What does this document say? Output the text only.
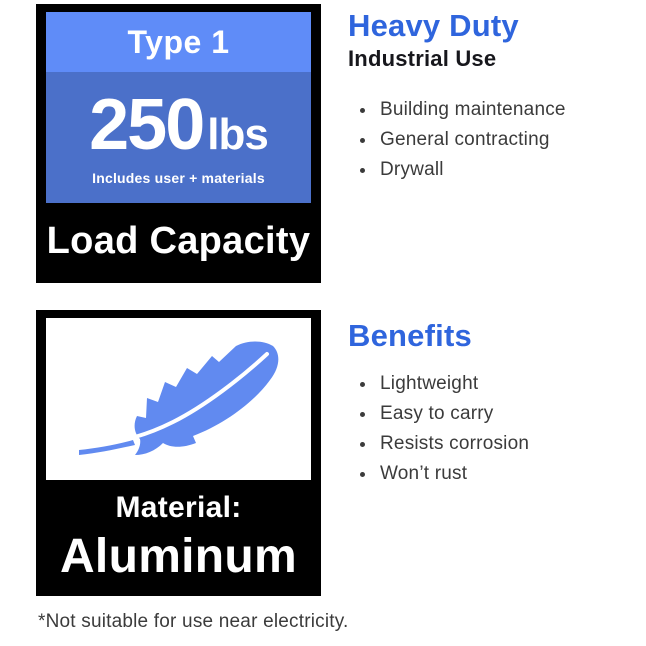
Type 1
250 lbs
Includes user + materials
Load Capacity
Heavy Duty
Industrial Use
Building maintenance
General contracting
Drywall
Material:
Aluminum
Benefits
Lightweight
Easy to carry
Resists corrosion
Won’t rust
*Not suitable for use near electricity.
